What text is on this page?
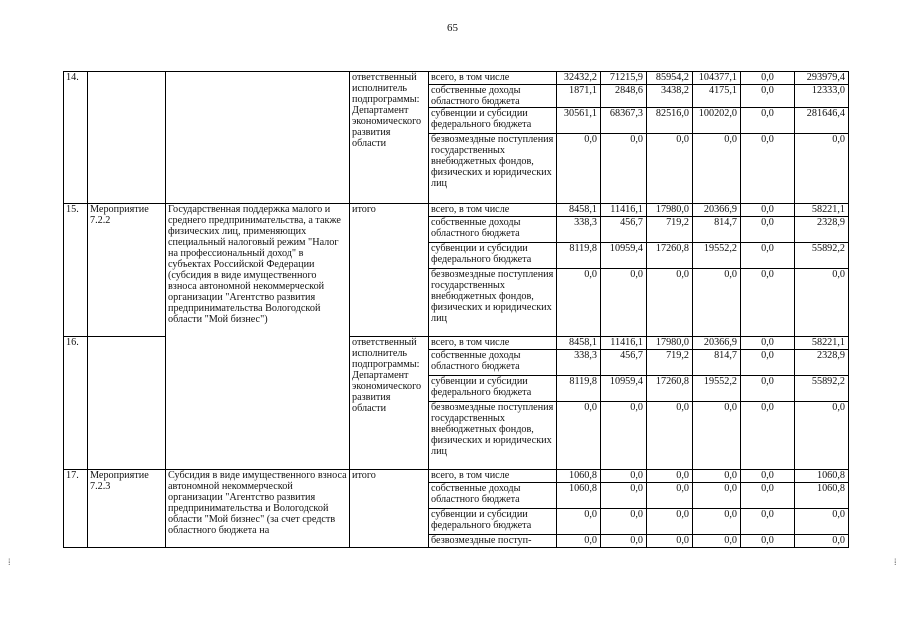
65
14.			ответственный исполнитель подпрограммы: Департамент экономического развития области	всего, в том числе	32432,2	71215,9	85954,2	104377,1	0,0	293979,4
				собственные доходы областного бюджета	1871,1	2848,6	3438,2	4175,1	0,0	12333,0
				субвенции и субсидии федерального бюджета	30561,1	68367,3	82516,0	100202,0	0,0	281646,4
				безвозмездные поступления государственных внебюджетных фондов, физических и юридических лиц	0,0	0,0	0,0	0,0	0,0	0,0
15.	Мероприятие 7.2.2	Государственная поддержка малого и среднего предпринимательства, а также физических лиц, применяющих специальный налоговый режим "Налог на профессиональный доход" в субъектах Российской Федерации (субсидия в виде имущественного взноса автономной некоммерческой организации "Агентство развития предпринимательства Вологодской области "Мой бизнес")	итого	всего, в том числе	8458,1	11416,1	17980,0	20366,9	0,0	58221,1
				собственные доходы областного бюджета	338,3	456,7	719,2	814,7	0,0	2328,9
				субвенции и субсидии федерального бюджета	8119,8	10959,4	17260,8	19552,2	0,0	55892,2
				безвозмездные поступления государственных внебюджетных фондов, физических и юридических лиц	0,0	0,0	0,0	0,0	0,0	0,0
16.			ответственный исполнитель подпрограммы: Департамент экономического развития области	всего, в том числе	8458,1	11416,1	17980,0	20366,9	0,0	58221,1
				собственные доходы областного бюджета	338,3	456,7	719,2	814,7	0,0	2328,9
				субвенции и субсидии федерального бюджета	8119,8	10959,4	17260,8	19552,2	0,0	55892,2
				безвозмездные поступления государственных внебюджетных фондов, физических и юридических лиц	0,0	0,0	0,0	0,0	0,0	0,0
17.	Мероприятие 7.2.3	Субсидия в виде имущественного взноса автономной некоммерческой организации "Агентство развития предпринимательства и Вологодской области "Мой бизнес" (за счет средств областного бюджета на	итого	всего, в том числе	1060,8	0,0	0,0	0,0	0,0	1060,8
				собственные доходы областного бюджета	1060,8	0,0	0,0	0,0	0,0	1060,8
				субвенции и субсидии федерального бюджета	0,0	0,0	0,0	0,0	0,0	0,0
				безвозмездные поступ-	0,0	0,0	0,0	0,0	0,0	0,0
⁞	⁞
